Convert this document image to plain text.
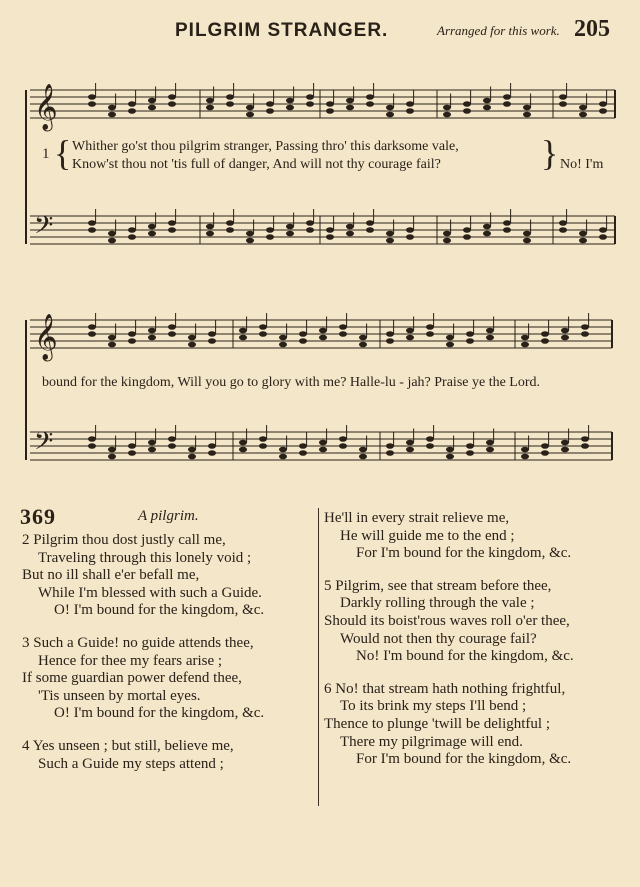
PILGRIM STRANGER.	Arranged for this work. 205
𝄞
𝄢
𝄞
𝄢
1 { Whither go'st thou pilgrim stranger, Passing thro' this darksome vale,
Know'st thou not 'tis full of danger, And will not thy courage fail?	} No! I'm
bound for the kingdom, Will you go to glory with me? Halle-lu - jah? Praise ye the Lord.
369	A pilgrim.
2 Pilgrim thou dost justly call me,
Traveling through this lonely void ;
But no ill shall e'er befall me,
While I'm blessed with such a Guide.
O! I'm bound for the kingdom, &c.
3 Such a Guide! no guide attends thee,
Hence for thee my fears arise ;
If some guardian power defend thee,
'Tis unseen by mortal eyes.
O! I'm bound for the kingdom, &c.
4 Yes unseen ; but still, believe me,
Such a Guide my steps attend ;
He'll in every strait relieve me,
He will guide me to the end ;
For I'm bound for the kingdom, &c.
5 Pilgrim, see that stream before thee,
Darkly rolling through the vale ;
Should its boist'rous waves roll o'er thee,
Would not then thy courage fail?
No! I'm bound for the kingdom, &c.
6 No! that stream hath nothing frightful,
To its brink my steps I'll bend ;
Thence to plunge 'twill be delightful ;
There my pilgrimage will end.
For I'm bound for the kingdom, &c.
